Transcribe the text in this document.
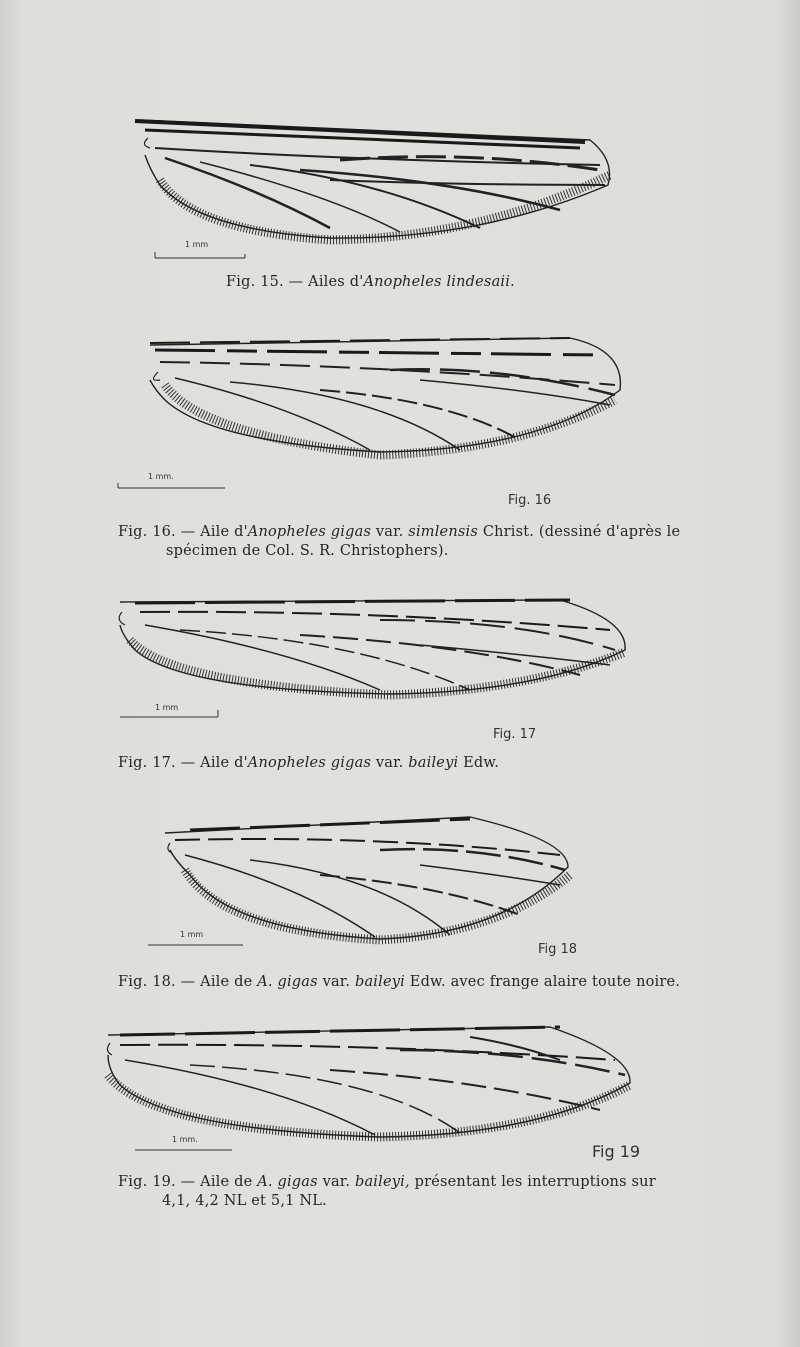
1 mm
Fig. 15. — Ailes d'Anopheles lindesaii.
1 mm.
Fig. 16
Fig. 16. — Aile d'Anopheles gigas var. simlensis Christ. (dessiné d'après le
spécimen de Col. S. R. Christophers).
1 mm
Fig. 17
Fig. 17. — Aile d'Anopheles gigas var. baileyi Edw.
1 mm
Fig 18
Fig. 18. — Aile de A. gigas var. baileyi Edw. avec frange alaire toute noire.
1 mm.
Fig 19
Fig. 19. — Aile de A. gigas var. baileyi, présentant les interruptions sur
4,1, 4,2 NL et 5,1 NL.
